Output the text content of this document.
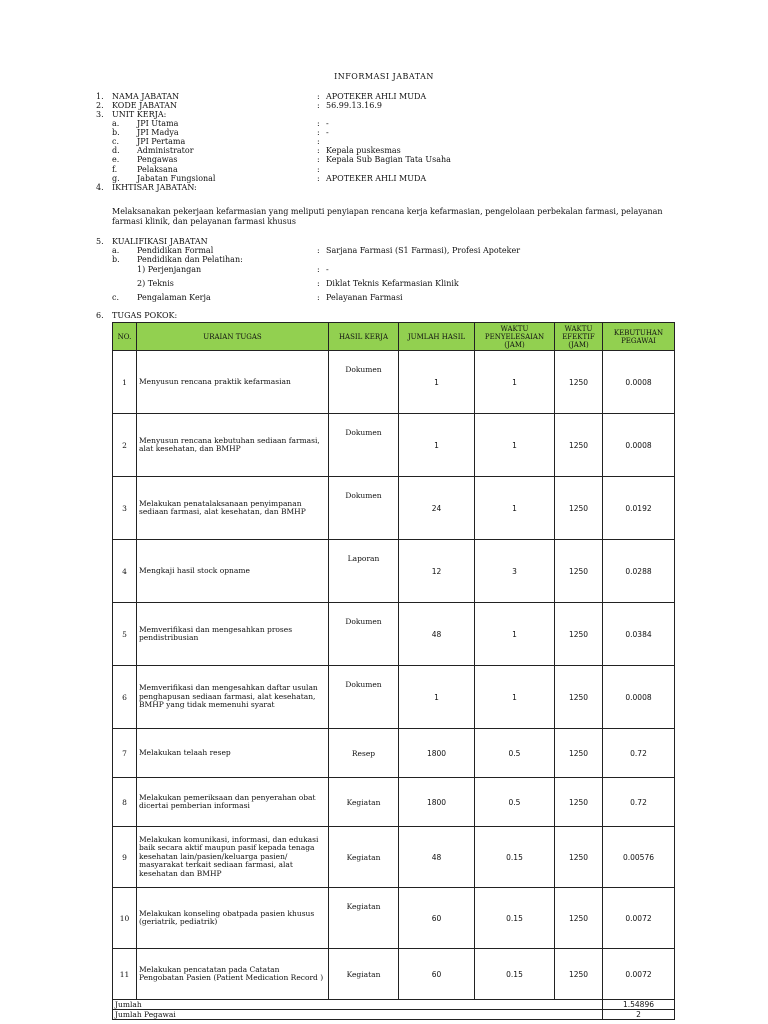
INFORMASI JABATAN
1. NAMA JABATAN	: APOTEKER AHLI MUDA
2. KODE JABATAN	: 56.99.13.16.9
3. UNIT KERJA:
a. JPI Utama	: -
b. JPI Madya	: -
c. JPI Pertama	:
d. Administrator	: Kepala puskesmas
e. Pengawas	: Kepala Sub Bagian Tata Usaha
f. Pelaksana	:
g. Jabatan Fungsional	: APOTEKER AHLI MUDA
4. IKHTISAR JABATAN:
Melaksanakan pekerjaan kefarmasian yang meliputi penyiapan rencana kerja kefarmasian, pengelolaan perbekalan farmasi, pelayanan farmasi klinik, dan pelayanan farmasi khusus
5. KUALIFIKASI JABATAN
a. Pendidikan Formal	: Sarjana Farmasi (S1 Farmasi), Profesi Apoteker
b. Pendidikan dan Pelatihan:
1) Perjenjangan	: -
2) Teknis	: Diklat Teknis Kefarmasian Klinik
c. Pengalaman Kerja	: Pelayanan Farmasi
6. TUGAS POKOK:
NO.	URAIAN TUGAS	HASIL KERJA	JUMLAH HASIL	WAKTU PENYELESAIAN (JAM)	WAKTU EFEKTIF (JAM)	KEBUTUHAN PEGAWAI
1	Menyusun rencana praktik kefarmasian	Dokumen	1	1	1250	0.0008
2	Menyusun rencana kebutuhan sediaan farmasi, alat kesehatan, dan BMHP	Dokumen	1	1	1250	0.0008
3	Melakukan penatalaksanaan penyimpanan sediaan farmasi, alat kesehatan, dan BMHP	Dokumen	24	1	1250	0.0192
4	Mengkaji hasil stock opname	Laporan	12	3	1250	0.0288
5	Memverifikasi dan mengesahkan proses pendistribusian	Dokumen	48	1	1250	0.0384
6	Memverifikasi dan mengesahkan daftar usulan penghapusan sediaan farmasi, alat kesehatan, BMHP yang tidak memenuhi syarat	Dokumen	1	1	1250	0.0008
7	Melakukan telaah resep	Resep	1800	0.5	1250	0.72
8	Melakukan pemeriksaan dan penyerahan obat dicertai pemberian informasi	Kegiatan	1800	0.5	1250	0.72
9	Melakukan komunikasi, informasi, dan edukasi baik secara aktif maupun pasif kepada tenaga kesehatan lain/pasien/keluarga pasien/ masyarakat terkait sediaan farmasi, alat kesehatan dan BMHP	Kegiatan	48	0.15	1250	0.00576
10	Melakukan konseling obatpada pasien khusus (geriatrik, pediatrik)	Kegiatan	60	0.15	1250	0.0072
11	Melakukan pencatatan pada Catatan Pengobatan Pasien (Patient Medication Record )	Kegiatan	60	0.15	1250	0.0072
Jumlah						1.54896
Jumlah Pegawai						2
